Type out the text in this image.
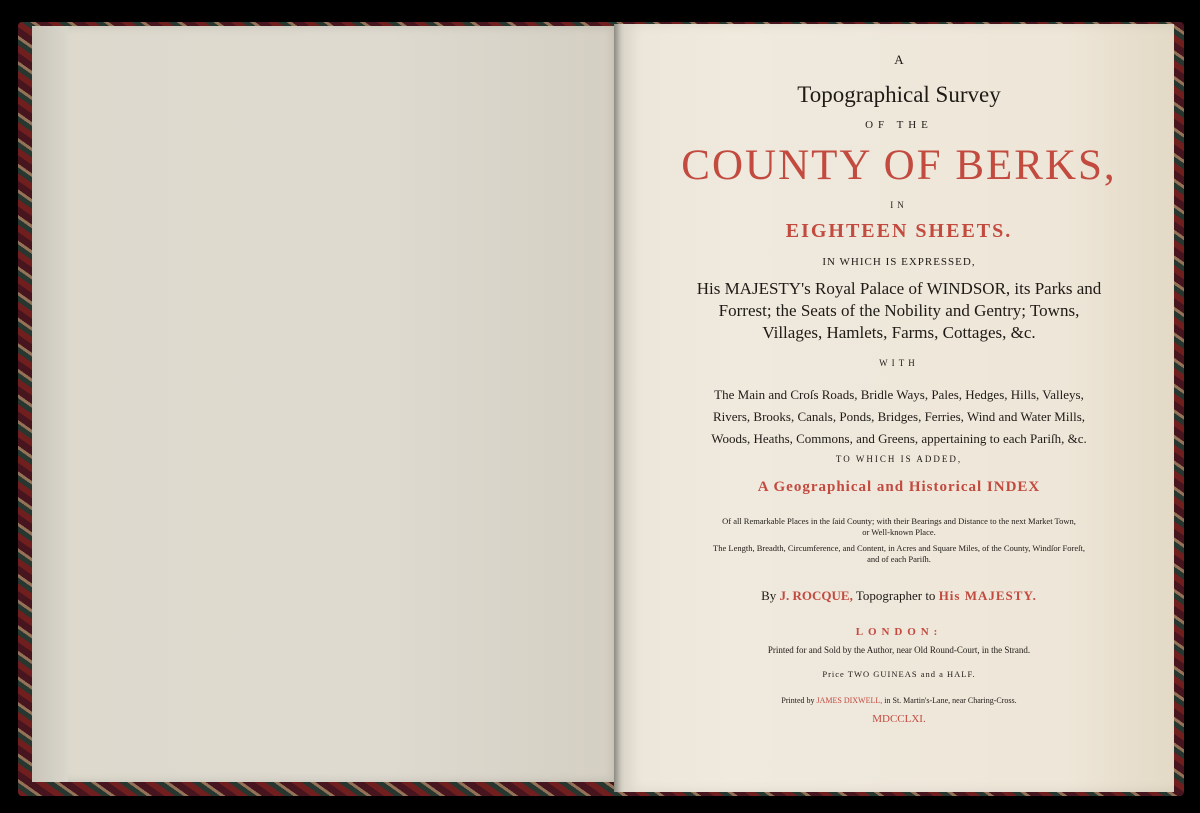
A
Topographical Survey
OF THE
COUNTY OF BERKS,
IN
EIGHTEEN SHEETS.
IN WHICH IS EXPRESSED,
His MAJESTY's Royal Palace of WINDSOR, its Parks and
Forrest; the Seats of the Nobility and Gentry; Towns,
Villages, Hamlets, Farms, Cottages, &c.
WITH
The Main and Croſs Roads, Bridle Ways, Pales, Hedges, Hills, Valleys,
Rivers, Brooks, Canals, Ponds, Bridges, Ferries, Wind and Water Mills,
Woods, Heaths, Commons, and Greens, appertaining to each Pariſh, &c.
TO WHICH IS ADDED,
A Geographical and Historical INDEX
Of all Remarkable Places in the ſaid County; with their Bearings and Distance to the next Market Town,
or Well-known Place.
The Length, Breadth, Circumference, and Content, in Acres and Square Miles, of the County, Windſor Foreſt,
and of each Pariſh.
By J. ROCQUE, Topographer to His MAJESTY.
LONDON:
Printed for and Sold by the Author, near Old Round-Court, in the Strand.
Price TWO GUINEAS and a HALF.
Printed by JAMES DIXWELL, in St. Martin's-Lane, near Charing-Cross.
MDCCLXI.
